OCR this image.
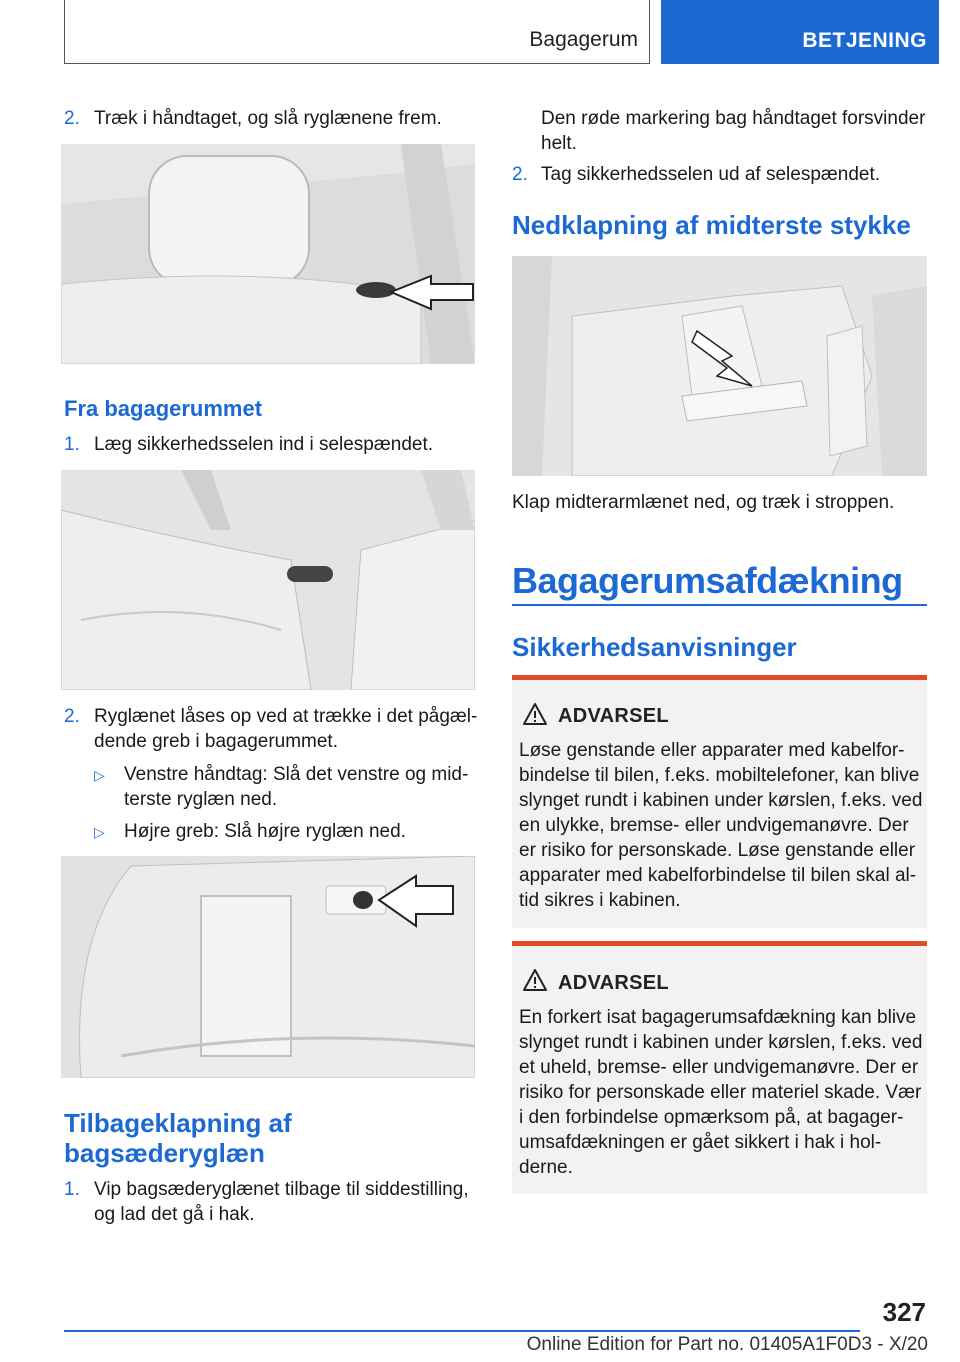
Bagagerum	BETJENING
2. Træk i håndtaget, og slå ryglænene frem.
Fra bagagerummet
1. Læg sikkerhedsselen ind i selespændet.
2. Ryglænet låses op ved at trække i det pågæl-
dende greb i bagagerummet.
▷ Venstre håndtag: Slå det venstre og mid-
terste ryglæn ned.
▷ Højre greb: Slå højre ryglæn ned.
Tilbageklapning af
bagsæderyglæn
1. Vip bagsæderyglænet tilbage til siddestilling,
og lad det gå i hak.
Den røde markering bag håndtaget forsvinder
helt.
2. Tag sikkerhedsselen ud af selespændet.
Nedklapning af midterste stykke
Klap midterarmlænet ned, og træk i stroppen.
Bagagerumsafdækning
Sikkerhedsanvisninger
ADVARSEL
Løse genstande eller apparater med kabelfor-
bindelse til bilen, f.eks. mobiltelefoner, kan blive
slynget rundt i kabinen under kørslen, f.eks. ved
en ulykke, bremse- eller undvigemanøvre. Der
er risiko for personskade. Løse genstande eller
apparater med kabelforbindelse til bilen skal al-
tid sikres i kabinen.
ADVARSEL
En forkert isat bagagerumsafdækning kan blive
slynget rundt i kabinen under kørslen, f.eks. ved
et uheld, bremse- eller undvigemanøvre. Der er
risiko for personskade eller materiel skade. Vær
i den forbindelse opmærksom på, at bagager-
umsafdækningen er gået sikkert i hak i hol-
derne.
327
Online Edition for Part no. 01405A1F0D3 - X/20
